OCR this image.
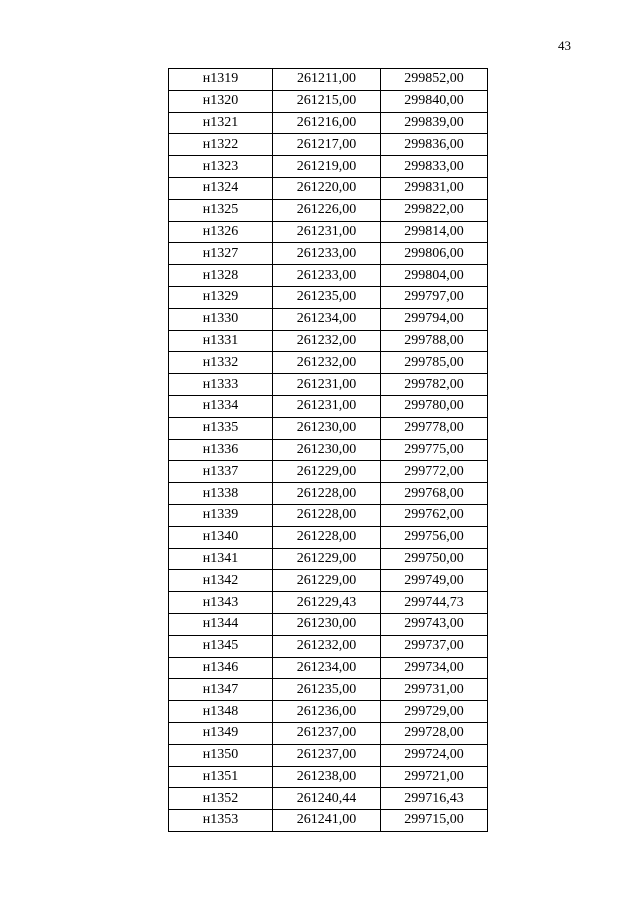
43
н1319	261211,00	299852,00
н1320	261215,00	299840,00
н1321	261216,00	299839,00
н1322	261217,00	299836,00
н1323	261219,00	299833,00
н1324	261220,00	299831,00
н1325	261226,00	299822,00
н1326	261231,00	299814,00
н1327	261233,00	299806,00
н1328	261233,00	299804,00
н1329	261235,00	299797,00
н1330	261234,00	299794,00
н1331	261232,00	299788,00
н1332	261232,00	299785,00
н1333	261231,00	299782,00
н1334	261231,00	299780,00
н1335	261230,00	299778,00
н1336	261230,00	299775,00
н1337	261229,00	299772,00
н1338	261228,00	299768,00
н1339	261228,00	299762,00
н1340	261228,00	299756,00
н1341	261229,00	299750,00
н1342	261229,00	299749,00
н1343	261229,43	299744,73
н1344	261230,00	299743,00
н1345	261232,00	299737,00
н1346	261234,00	299734,00
н1347	261235,00	299731,00
н1348	261236,00	299729,00
н1349	261237,00	299728,00
н1350	261237,00	299724,00
н1351	261238,00	299721,00
н1352	261240,44	299716,43
н1353	261241,00	299715,00
